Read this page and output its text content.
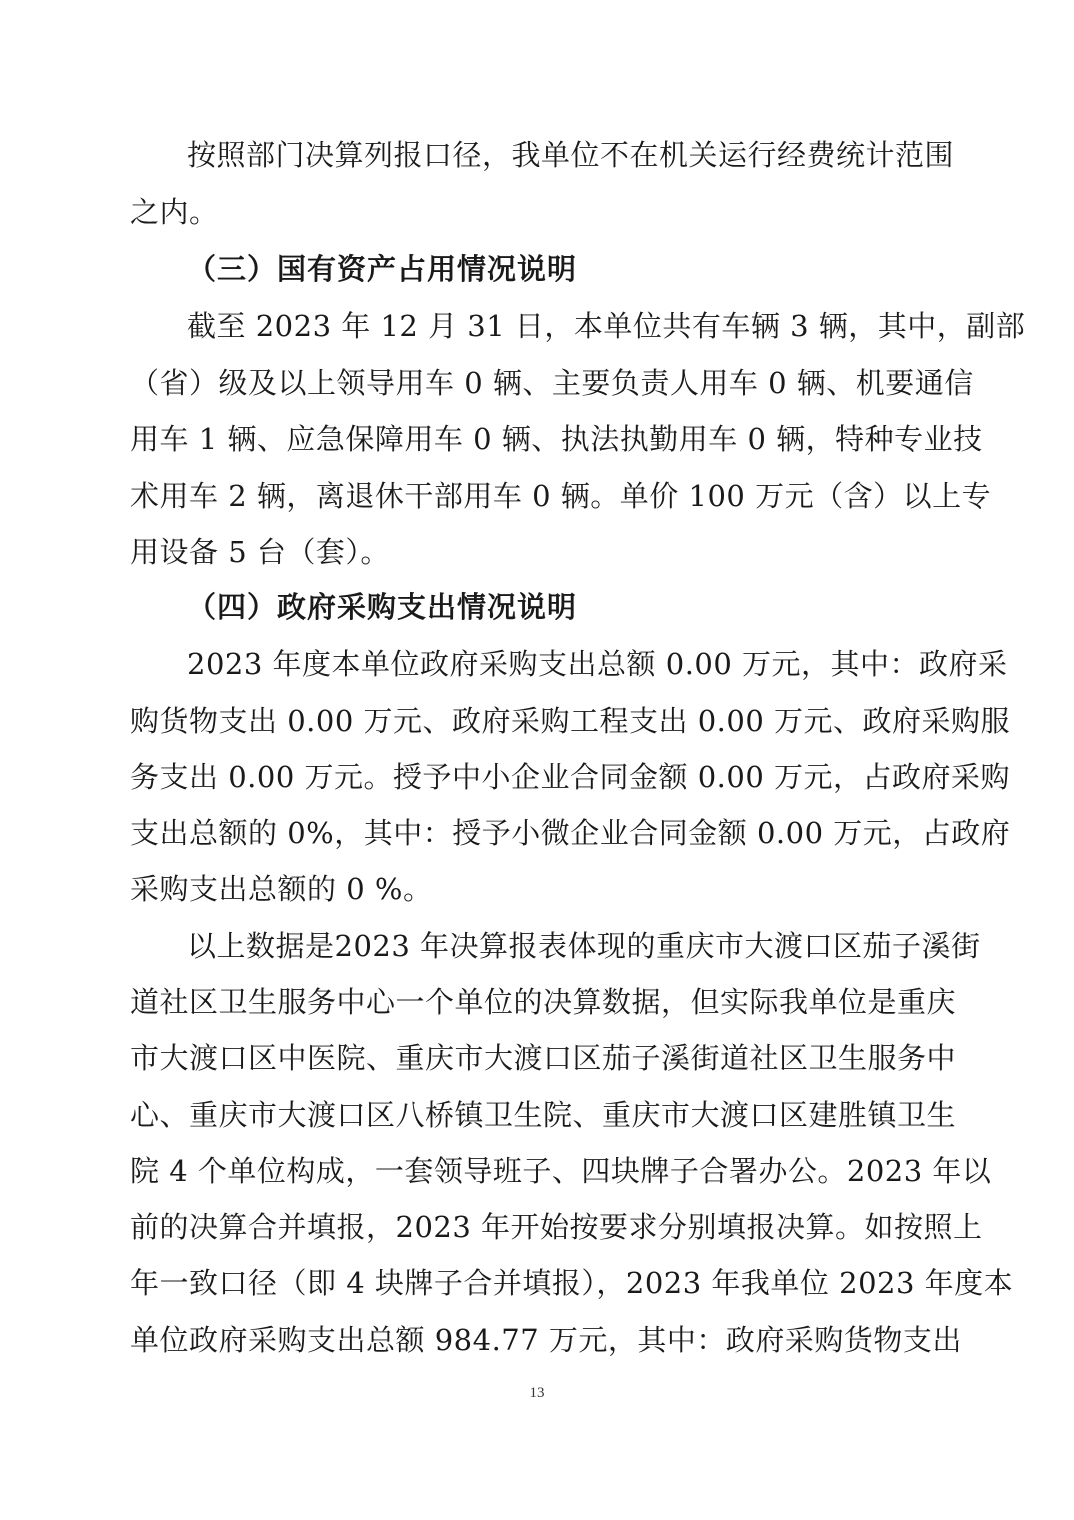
按照部门决算列报口径，我单位不在机关运行经费统计范围
之内。
（三）国有资产占用情况说明
截至 2023 年 12 月 31 日，本单位共有车辆 3 辆，其中，副部
（省）级及以上领导用车 0 辆、主要负责人用车 0 辆、机要通信
用车 1 辆、应急保障用车 0 辆、执法执勤用车 0 辆，特种专业技
术用车 2 辆，离退休干部用车 0 辆。单价 100 万元（含）以上专
用设备 5 台（套）。
（四）政府采购支出情况说明
2023 年度本单位政府采购支出总额 0.00 万元，其中：政府采
购货物支出 0.00 万元、政府采购工程支出 0.00 万元、政府采购服
务支出 0.00 万元。授予中小企业合同金额 0.00 万元，占政府采购
支出总额的 0%，其中：授予小微企业合同金额 0.00 万元，占政府
采购支出总额的 0 %。
以上数据是2023 年决算报表体现的重庆市大渡口区茄子溪街
道社区卫生服务中心一个单位的决算数据，但实际我单位是重庆
市大渡口区中医院、重庆市大渡口区茄子溪街道社区卫生服务中
心、重庆市大渡口区八桥镇卫生院、重庆市大渡口区建胜镇卫生
院 4 个单位构成，一套领导班子、四块牌子合署办公。2023 年以
前的决算合并填报，2023 年开始按要求分别填报决算。如按照上
年一致口径（即 4 块牌子合并填报），2023 年我单位 2023 年度本
单位政府采购支出总额 984.77 万元，其中：政府采购货物支出
13
